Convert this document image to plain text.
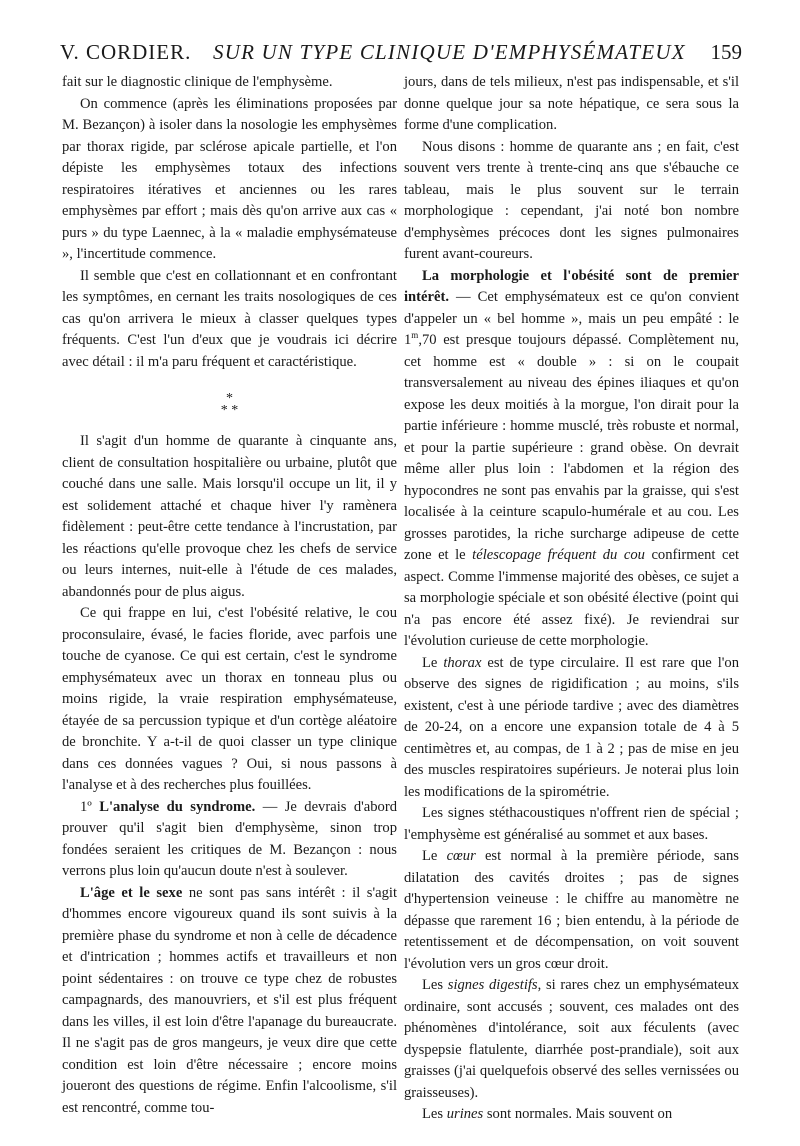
V. CORDIER. SUR UN TYPE CLINIQUE D'EMPHYSÉMATEUX 159

fait sur le diagnostic clinique de l'emphysème.

On commence (après les éliminations proposées par M. Bezançon) à isoler dans la nosologie les emphysèmes par thorax rigide, par sclérose apicale partielle, et l'on dépiste les emphysèmes totaux des infections respiratoires itératives et anciennes ou les rares emphysèmes par effort ; mais dès qu'on arrive aux cas « purs » du type Laennec, à la « maladie emphysémateuse », l'incertitude commence.

Il semble que c'est en collationnant et en confrontant les symptômes, en cernant les traits nosologiques de ces cas qu'on arrivera le mieux à classer quelques types fréquents. C'est l'un d'eux que je voudrais ici décrire avec détail : il m'a paru fréquent et caractéristique.

*
* *

Il s'agit d'un homme de quarante à cinquante ans, client de consultation hospitalière ou urbaine, plutôt que couché dans une salle. Mais lorsqu'il occupe un lit, il y est solidement attaché et chaque hiver l'y ramènera fidèlement : peut-être cette tendance à l'incrustation, par les réactions qu'elle provoque chez les chefs de service ou leurs internes, nuit-elle à l'étude de ces malades, abandonnés pour de plus aigus.

Ce qui frappe en lui, c'est l'obésité relative, le cou proconsulaire, évasé, le facies floride, avec parfois une touche de cyanose. Ce qui est certain, c'est le syndrome emphysémateux avec un thorax en tonneau plus ou moins rigide, la vraie respiration emphysémateuse, étayée de sa percussion typique et d'un cortège aléatoire de bronchite. Y a-t-il de quoi classer un type clinique dans ces données vagues ? Oui, si nous passons à l'analyse et à des recherches plus fouillées.

1º L'analyse du syndrome. — Je devrais d'abord prouver qu'il s'agit bien d'emphysème, sinon trop fondées seraient les critiques de M. Bezançon : nous verrons plus loin qu'aucun doute n'est à soulever.

L'âge et le sexe ne sont pas sans intérêt : il s'agit d'hommes encore vigoureux quand ils sont suivis à la première phase du syndrome et non à celle de décadence et d'intrication ; hommes actifs et travailleurs et non point sédentaires : on trouve ce type chez de robustes campagnards, des manouvriers, et s'il est plus fréquent dans les villes, il est loin d'être l'apanage du bureaucrate. Il ne s'agit pas de gros mangeurs, je veux dire que cette condition est loin d'être nécessaire ; encore moins joueront des questions de régime. Enfin l'alcoolisme, s'il est rencontré, comme tou-

jours, dans de tels milieux, n'est pas indispensable, et s'il donne quelque jour sa note hépatique, ce sera sous la forme d'une complication.

Nous disons : homme de quarante ans ; en fait, c'est souvent vers trente à trente-cinq ans que s'ébauche ce tableau, mais le plus souvent sur le terrain morphologique : cependant, j'ai noté bon nombre d'emphysèmes précoces dont les signes pulmonaires furent avant-coureurs.

La morphologie et l'obésité sont de premier intérêt. — Cet emphysémateux est ce qu'on convient d'appeler un « bel homme », mais un peu empâté : le 1$^m$,70 est presque toujours dépassé. Complètement nu, cet homme est « double » : si on le coupait transversalement au niveau des épines iliaques et qu'on expose les deux moitiés à la morgue, l'on dirait pour la partie inférieure : homme musclé, très robuste et normal, et pour la partie supérieure : grand obèse. On devrait même aller plus loin : l'abdomen et la région des hypocondres ne sont pas envahis par la graisse, qui s'est localisée à la ceinture scapulo-humérale et au cou. Les grosses parotides, la riche surcharge adipeuse de cette zone et le télescopage fréquent du cou confirment cet aspect. Comme l'immense majorité des obèses, ce sujet a sa morphologie spéciale et son obésité élective (point qui n'a pas encore été assez fixé). Je reviendrai sur l'évolution curieuse de cette morphologie.

Le thorax est de type circulaire. Il est rare que l'on observe des signes de rigidification ; au moins, s'ils existent, c'est à une période tardive ; avec des diamètres de 20-24, on a encore une expansion totale de 4 à 5 centimètres et, au compas, de 1 à 2 ; pas de mise en jeu des muscles respiratoires supérieurs. Je noterai plus loin les modifications de la spirométrie.

Les signes stéthacoustiques n'offrent rien de spécial ; l'emphysème est généralisé au sommet et aux bases.

Le cœur est normal à la première période, sans dilatation des cavités droites ; pas de signes d'hypertension veineuse : le chiffre au manomètre ne dépasse que rarement 16 ; bien entendu, à la période de retentissement et de décompensation, on voit souvent l'évolution vers un gros cœur droit.

Les signes digestifs, si rares chez un emphysémateux ordinaire, sont accusés ; souvent, ces malades ont des phénomènes d'intolérance, soit aux féculents (avec dyspepsie flatulente, diarrhée post-prandiale), soit aux graisses (j'ai quelquefois observé des selles vernissées ou graisseuses).

Les urines sont normales. Mais souvent on
